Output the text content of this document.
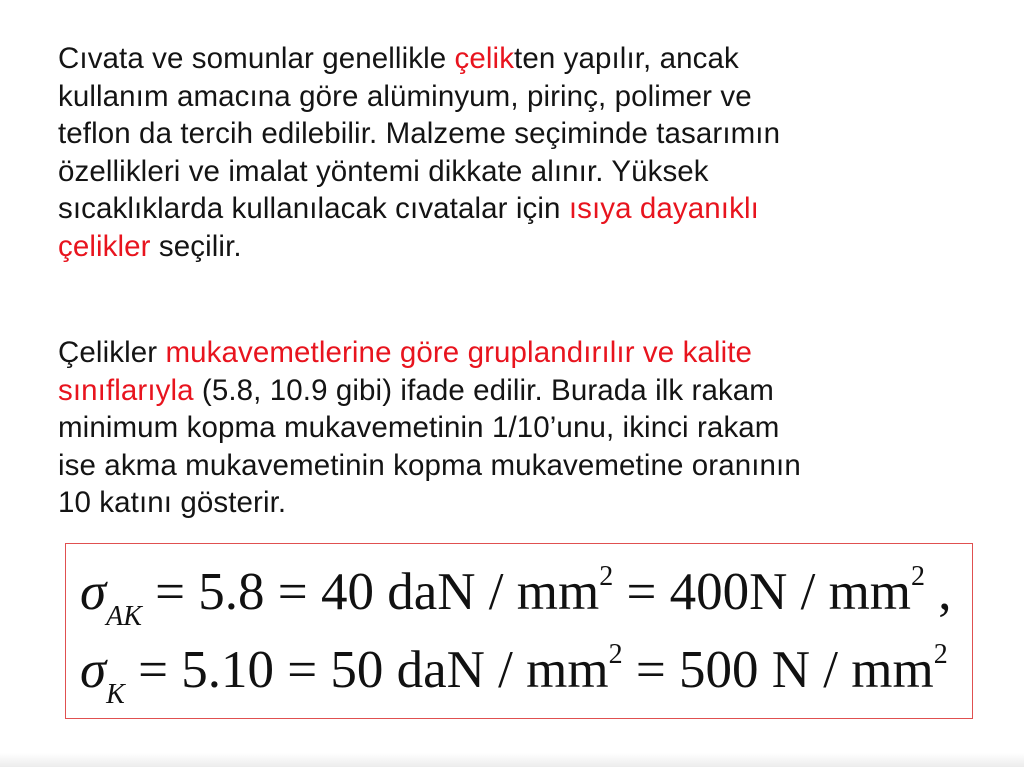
Cıvata ve somunlar genellikle çelikten yapılır, ancak
kullanım amacına göre alüminyum, pirinç, polimer ve
teflon da tercih edilebilir. Malzeme seçiminde tasarımın
özellikleri ve imalat yöntemi dikkate alınır. Yüksek
sıcaklıklarda kullanılacak cıvatalar için ısıya dayanıklı
çelikler seçilir.

Çelikler mukavemetlerine göre gruplandırılır ve kalite
sınıflarıyla (5.8, 10.9 gibi) ifade edilir. Burada ilk rakam
minimum kopma mukavemetinin 1/10’unu, ikinci rakam
ise akma mukavemetinin kopma mukavemetine oranının
10 katını gösterir.

$\sigma_{AK} = 5.8 = 40$ daN / $mm^2 = 400N / mm^2$ ,
$\sigma_K = 5.10 = 50$ daN / $mm^2 = 500$ N / $mm^2$
